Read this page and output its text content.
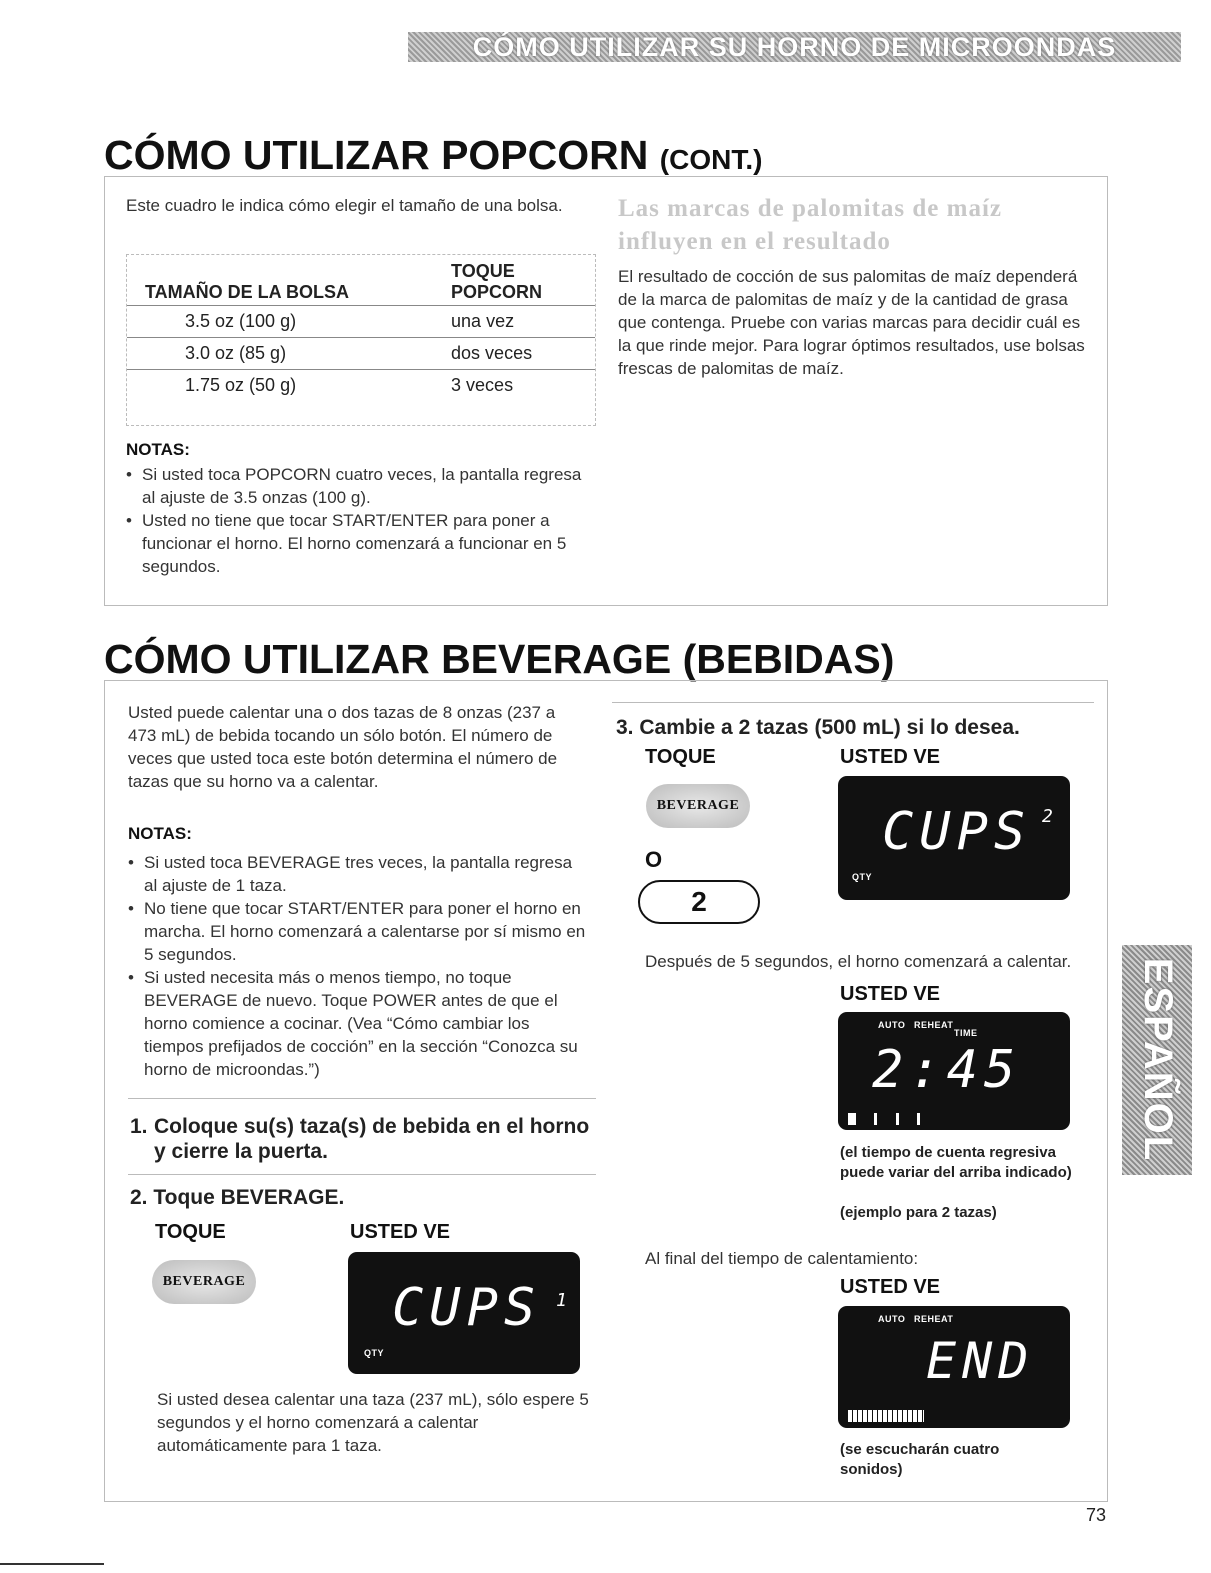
CÓMO UTILIZAR SU HORNO DE MICROONDAS
CÓMO UTILIZAR POPCORN (CONT.)

Este cuadro le indica cómo elegir el tamaño de una bolsa.

TAMAÑO DE LA BOLSA	TOQUE
POPCORN

3.5 oz (100 g)	una vez
3.0 oz (85 g)	dos veces
1.75 oz (50 g)	3 veces
NOTAS:
• Si usted toca POPCORN cuatro veces, la pantalla regresa al ajuste de 3.5 onzas (100 g).
• Usted no tiene que tocar START/ENTER para poner a funcionar el horno. El horno comenzará a funcionar en 5 segundos.
Las marcas de palomitas de maíz
influyen en el resultado

El resultado de cocción de sus palomitas de maíz dependerá de la marca de palomitas de maíz y de la cantidad de grasa que contenga. Pruebe con varias marcas para decidir cuál es la que rinde mejor. Para lograr óptimos resultados, use bolsas frescas de palomitas de maíz.

CÓMO UTILIZAR BEVERAGE (BEBIDAS)

Usted puede calentar una o dos tazas de 8 onzas (237 a 473 mL) de bebida tocando un sólo botón. El número de veces que usted toca este botón determina el número de tazas que su horno va a calentar.

NOTAS:
• Si usted toca BEVERAGE tres veces, la pantalla regresa al ajuste de 1 taza.
• No tiene que tocar START/ENTER para poner el horno en marcha. El horno comenzará a calentarse por sí mismo en 5 segundos.
• Si usted necesita más o menos tiempo, no toque BEVERAGE de nuevo. Toque POWER antes de que el horno comience a cocinar. (Vea “Cómo cambiar los tiempos prefijados de cocción” en la sección “Conozca su horno de microondas.”)
1. Coloque su(s) taza(s) de bebida en el horno y cierre la puerta.
2. Toque BEVERAGE.
TOQUE	USTED VE
BEVERAGE	CUPS 1
QTY

Si usted desea calentar una taza (237 mL), sólo espere 5 segundos y el horno comenzará a calentar automáticamente para 1 taza.

3. Cambie a 2 tazas (500 mL) si lo desea.
TOQUE	USTED VE
BEVERAGE
O
2
CUPS 2
QTY

Después de 5 segundos, el horno comenzará a calentar.

USTED VE
AUTO REHEAT
TIME
2:45

(el tiempo de cuenta regresiva puede variar del arriba indicado)
(ejemplo para 2 tazas)

Al final del tiempo de calentamiento:

USTED VE
AUTO REHEAT
END
(se escucharán cuatro sonidos)
ESPAÑOL
73
